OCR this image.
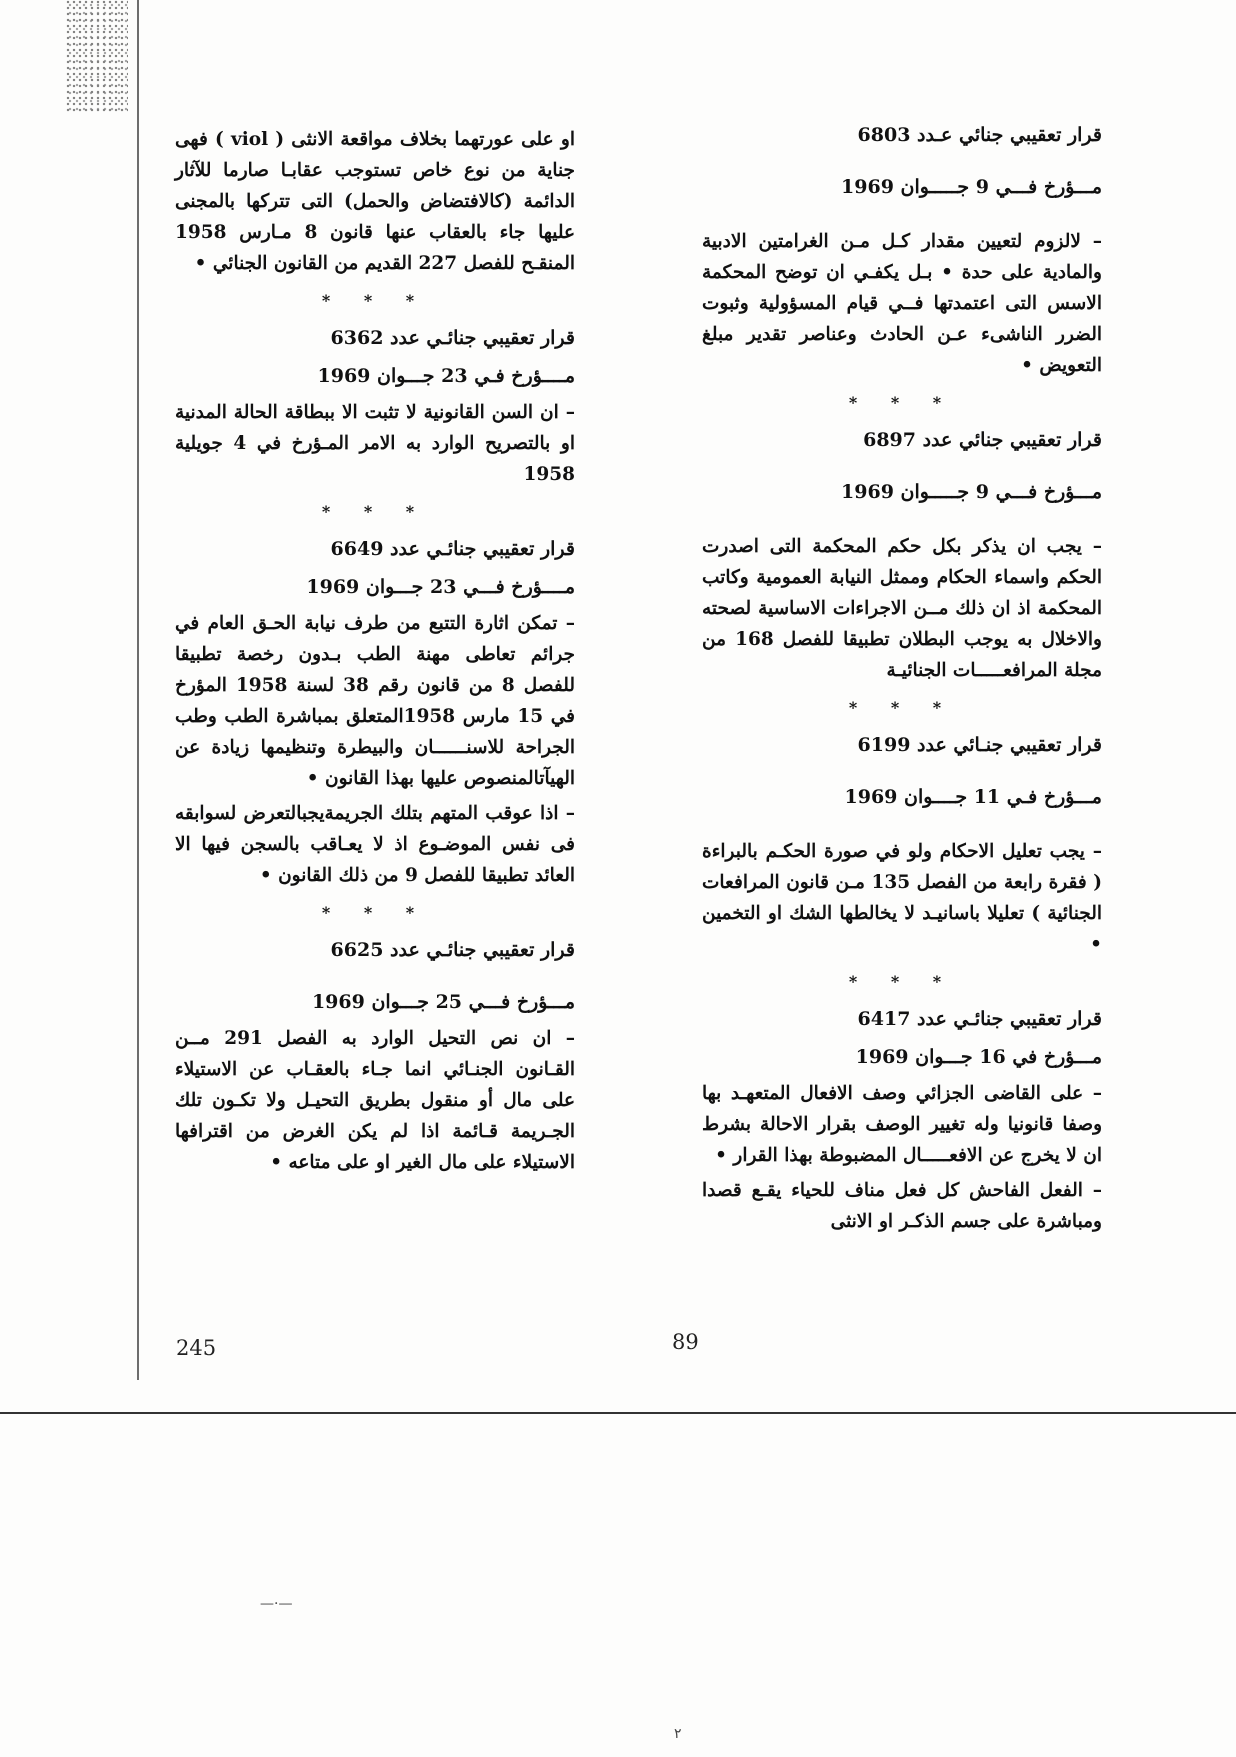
قرار تعقيبي جنائي عـدد 6803

مـــؤرخ فـــي 9 جـــــوان 1969

– لالزوم لتعيين مقدار كـل مـن الغرامتين الادبية والمادية على حدة • بـل يكفـي ان توضح المحكمة الاسس التى اعتمدتها فــي قيام المسؤولية وثبوت الضرر الناشىء عـن الحادث وعناصر تقدير مبلغ التعويض •

* * *

قرار تعقيبي جنائي عدد 6897

مـــؤرخ فـــي 9 جـــــوان 1969

– يجب ان يذكر بكل حكم المحكمة التى اصدرت الحكم واسماء الحكام وممثل النيابة العمومية وكاتب المحكمة اذ ان ذلك مــن الاجراءات الاساسية لصحته والاخلال به يوجب البطلان تطبيقا للفصل 168 من مجلة المرافعـــــات الجنائيـة

* * *

قرار تعقيبي جنـائي عدد 6199

مـــؤرخ فـي 11 جــــوان 1969

– يجب تعليل الاحكام ولو في صورة الحكـم بالبراءة ( فقرة رابعة من الفصل 135 مـن قانون المرافعات الجنائية ) تعليلا باسانيـد لا يخالطها الشك او التخمين •

* * *

قرار تعقيبي جنائـي عدد 6417

مـــؤرخ في 16 جـــوان 1969

– على القاضى الجزائي وصف الافعال المتعهـد بها وصفا قانونيا وله تغيير الوصف بقرار الاحالة بشرط ان لا يخرج عن الافعـــــال المضبوطة بهذا القرار •

– الفعل الفاحش كل فعل مناف للحياء يقـع قصدا ومباشرة على جسم الذكـر او الانثى

او على عورتهما بخلاف مواقعة الانثى ( viol ) فهى جناية من نوع خاص تستوجب عقابـا صارما للآثار الدائمة (كالافتضاض والحمل) التى تتركها بالمجنى عليها جاء بالعقاب عنها قانون 8 مـارس 1958 المنقـح للفصل 227 القديم من القانون الجنائي •

* * *

قرار تعقيبي جنائـي عدد 6362

مــــؤرخ فـي 23 جـــوان 1969

– ان السن القانونية لا تثبت الا ببطاقة الحالة المدنية او بالتصريح الوارد به الامر المـؤرخ في 4 جويلية 1958

* * *

قرار تعقيبي جنائـي عدد 6649

مــــؤرخ فـــي 23 جـــوان 1969

– تمكن اثارة التتبع من طرف نيابة الحـق العام في جرائم تعاطى مهنة الطب بـدون رخصة تطبيقا للفصل 8 من قانون رقم 38 لسنة 1958 المؤرخ في 15 مارس 1958المتعلق بمباشرة الطب وطب الجراحة للاسنــــــان والبيطرة وتنظيمها زيادة عن الهيآتالمنصوص عليها بهذا القانون •

– اذا عوقب المتهم بتلك الجريمةيجبالتعرض لسوابقه فى نفس الموضـوع اذ لا يعـاقب بالسجن فيها الا العائد تطبيقا للفصل 9 من ذلك القانون •

* * *

قرار تعقيبي جنائـي عدد 6625

مـــؤرخ فـــي 25 جـــوان 1969

– ان نص التحيل الوارد به الفصل 291 مــن القـانون الجنـائي انما جـاء بالعقـاب عن الاستيلاء على مال أو منقول بطريق التحيـل ولا تكـون تلك الجـريمة قـائمة اذا لم يكن الغرض من اقترافها الاستيلاء على مال الغير او على متاعه •

245	89
—·—
٢
